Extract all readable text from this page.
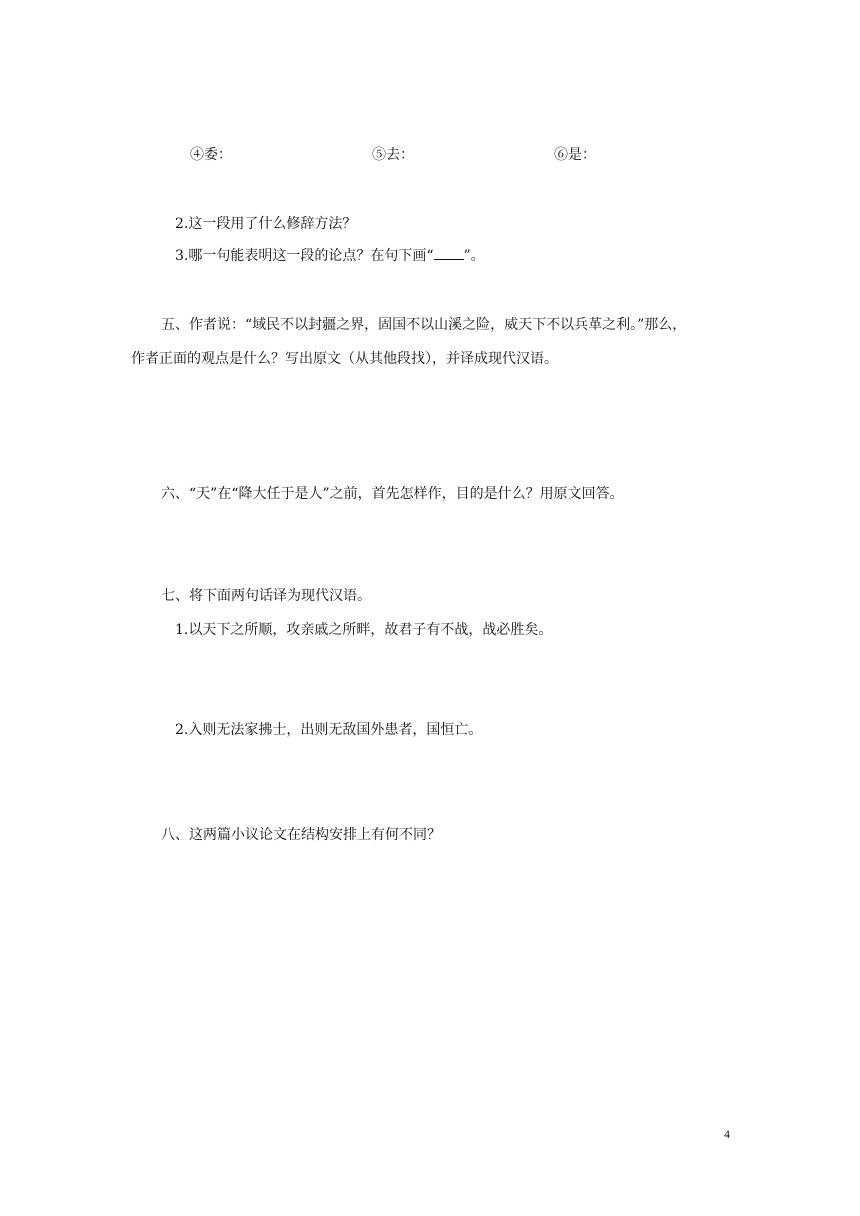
④委：	⑤去：	⑥是：
2.这一段用了什么修辞方法？
3.哪一句能表明这一段的论点？在句下画“ ”。
五、作者说：“域民不以封疆之界，固国不以山溪之险，威天下不以兵革之利。”那么，
作者正面的观点是什么？写出原文（从其他段找），并译成现代汉语。
六、“天”在“降大任于是人”之前，首先怎样作，目的是什么？用原文回答。
七、将下面两句话译为现代汉语。
1.以天下之所顺，攻亲戚之所畔，故君子有不战，战必胜矣。
2.入则无法家拂士，出则无敌国外患者，国恒亡。
八、这两篇小议论文在结构安排上有何不同？
4
